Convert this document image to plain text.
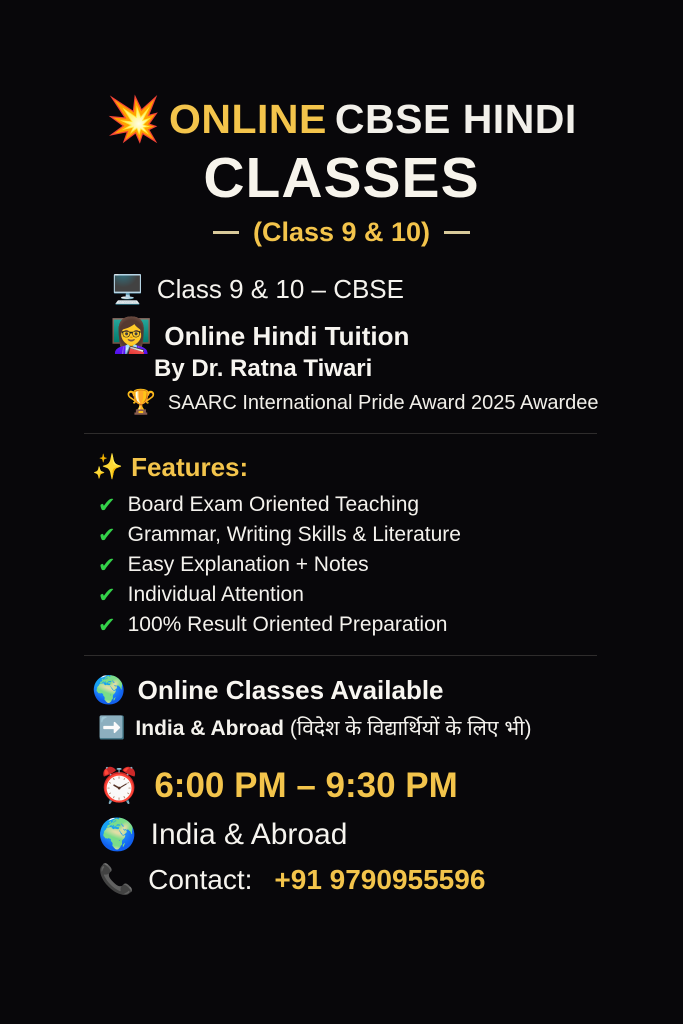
💥 ONLINE CBSE HINDI
CLASSES
(Class 9 & 10)
🖥️ Class 9 & 10 – CBSE
👩‍🏫 Online Hindi Tuition
By Dr. Ratna Tiwari
🏆 SAARC International Pride Award 2025 Awardee
✨ Features:
✔ Board Exam Oriented Teaching
✔ Grammar, Writing Skills & Literature
✔ Easy Explanation + Notes
✔ Individual Attention
✔ 100% Result Oriented Preparation
🌍 Online Classes Available
➡️ India & Abroad (विदेश के विद्यार्थियों के लिए भी)
⏰ 6:00 PM – 9:30 PM
🌍 India & Abroad
📞 Contact: +91 9790955596
